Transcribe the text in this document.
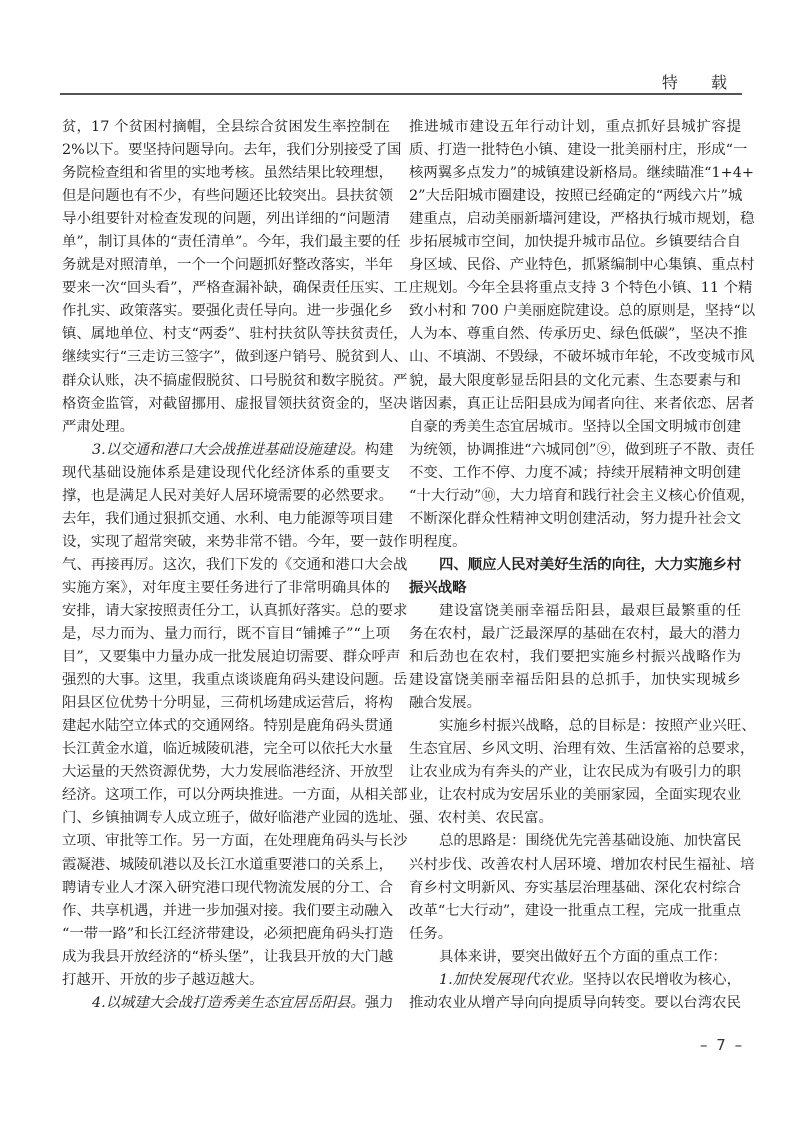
特 载
贫，17 个贫困村摘帽，全县综合贫困发生率控制在
2%以下。要坚持问题导向。去年，我们分别接受了国
务院检查组和省里的实地考核。虽然结果比较理想，
但是问题也有不少，有些问题还比较突出。县扶贫领
导小组要针对检查发现的问题，列出详细的“问题清
单”，制订具体的“责任清单”。今年，我们最主要的任
务就是对照清单，一个一个问题抓好整改落实，半年
要来一次“回头看”，严格查漏补缺，确保责任压实、工
作扎实、政策落实。要强化责任导向。进一步强化乡
镇、属地单位、村支“两委”、驻村扶贫队等扶贫责任，
继续实行“三走访三签字”，做到逐户销号、脱贫到人、
群众认账，决不搞虚假脱贫、口号脱贫和数字脱贫。严
格资金监管，对截留挪用、虚报冒领扶贫资金的，坚决
严肃处理。
3.以交通和港口大会战推进基础设施建设。构建
现代基础设施体系是建设现代化经济体系的重要支
撑，也是满足人民对美好人居环境需要的必然要求。
去年，我们通过狠抓交通、水利、电力能源等项目建
设，实现了超常突破，来势非常不错。今年，要一鼓作
气、再接再厉。这次，我们下发的《交通和港口大会战
实施方案》，对年度主要任务进行了非常明确具体的
安排，请大家按照责任分工，认真抓好落实。总的要求
是，尽力而为、量力而行，既不盲目“铺摊子”“上项
目”，又要集中力量办成一批发展迫切需要、群众呼声
强烈的大事。这里，我重点谈谈鹿角码头建设问题。岳
阳县区位优势十分明显，三荷机场建成运营后，将构
建起水陆空立体式的交通网络。特别是鹿角码头贯通
长江黄金水道，临近城陵矶港，完全可以依托大水量
大运量的天然资源优势，大力发展临港经济、开放型
经济。这项工作，可以分两块推进。一方面，从相关部
门、乡镇抽调专人成立班子，做好临港产业园的选址、
立项、审批等工作。另一方面，在处理鹿角码头与长沙
霞凝港、城陵矶港以及长江水道重要港口的关系上，
聘请专业人才深入研究港口现代物流发展的分工、合
作、共享机遇，并进一步加强对接。我们要主动融入
“一带一路”和长江经济带建设，必须把鹿角码头打造
成为我县开放经济的“桥头堡”，让我县开放的大门越
打越开、开放的步子越迈越大。
4.以城建大会战打造秀美生态宜居岳阳县。强力
推进城市建设五年行动计划，重点抓好县城扩容提
质、打造一批特色小镇、建设一批美丽村庄，形成“一
核两翼多点发力”的城镇建设新格局。继续瞄准“1+4+
2”大岳阳城市圈建设，按照已经确定的“两线六片”城
建重点，启动美丽新墙河建设，严格执行城市规划，稳
步拓展城市空间，加快提升城市品位。乡镇要结合自
身区域、民俗、产业特色，抓紧编制中心集镇、重点村
庄规划。今年全县将重点支持 3 个特色小镇、11 个精
致小村和 700 户美丽庭院建设。总的原则是，坚持“以
人为本、尊重自然、传承历史、绿色低碳”，坚决不推
山、不填湖、不毁绿，不破坏城市年轮，不改变城市风
貌，最大限度彰显岳阳县的文化元素、生态要素与和
谐因素，真正让岳阳县成为闻者向往、来者依恋、居者
自豪的秀美生态宜居城市。坚持以全国文明城市创建
为统领，协调推进“六城同创”⑨，做到班子不散、责任
不变、工作不停、力度不减；持续开展精神文明创建
“十大行动”⑩，大力培育和践行社会主义核心价值观，
不断深化群众性精神文明创建活动，努力提升社会文
明程度。
四、顺应人民对美好生活的向往，大力实施乡村
振兴战略
建设富饶美丽幸福岳阳县，最艰巨最繁重的任
务在农村，最广泛最深厚的基础在农村，最大的潜力
和后劲也在农村，我们要把实施乡村振兴战略作为
建设富饶美丽幸福岳阳县的总抓手，加快实现城乡
融合发展。
实施乡村振兴战略，总的目标是：按照产业兴旺、
生态宜居、乡风文明、治理有效、生活富裕的总要求，
让农业成为有奔头的产业，让农民成为有吸引力的职
业，让农村成为安居乐业的美丽家园，全面实现农业
强、农村美、农民富。
总的思路是：围绕优先完善基础设施、加快富民
兴村步伐、改善农村人居环境、增加农村民生福祉、培
育乡村文明新风、夯实基层治理基础、深化农村综合
改革“七大行动”，建设一批重点工程，完成一批重点
任务。
具体来讲，要突出做好五个方面的重点工作：
1.加快发展现代农业。坚持以农民增收为核心，
推动农业从增产导向向提质导向转变。要以台湾农民
– 7 –
